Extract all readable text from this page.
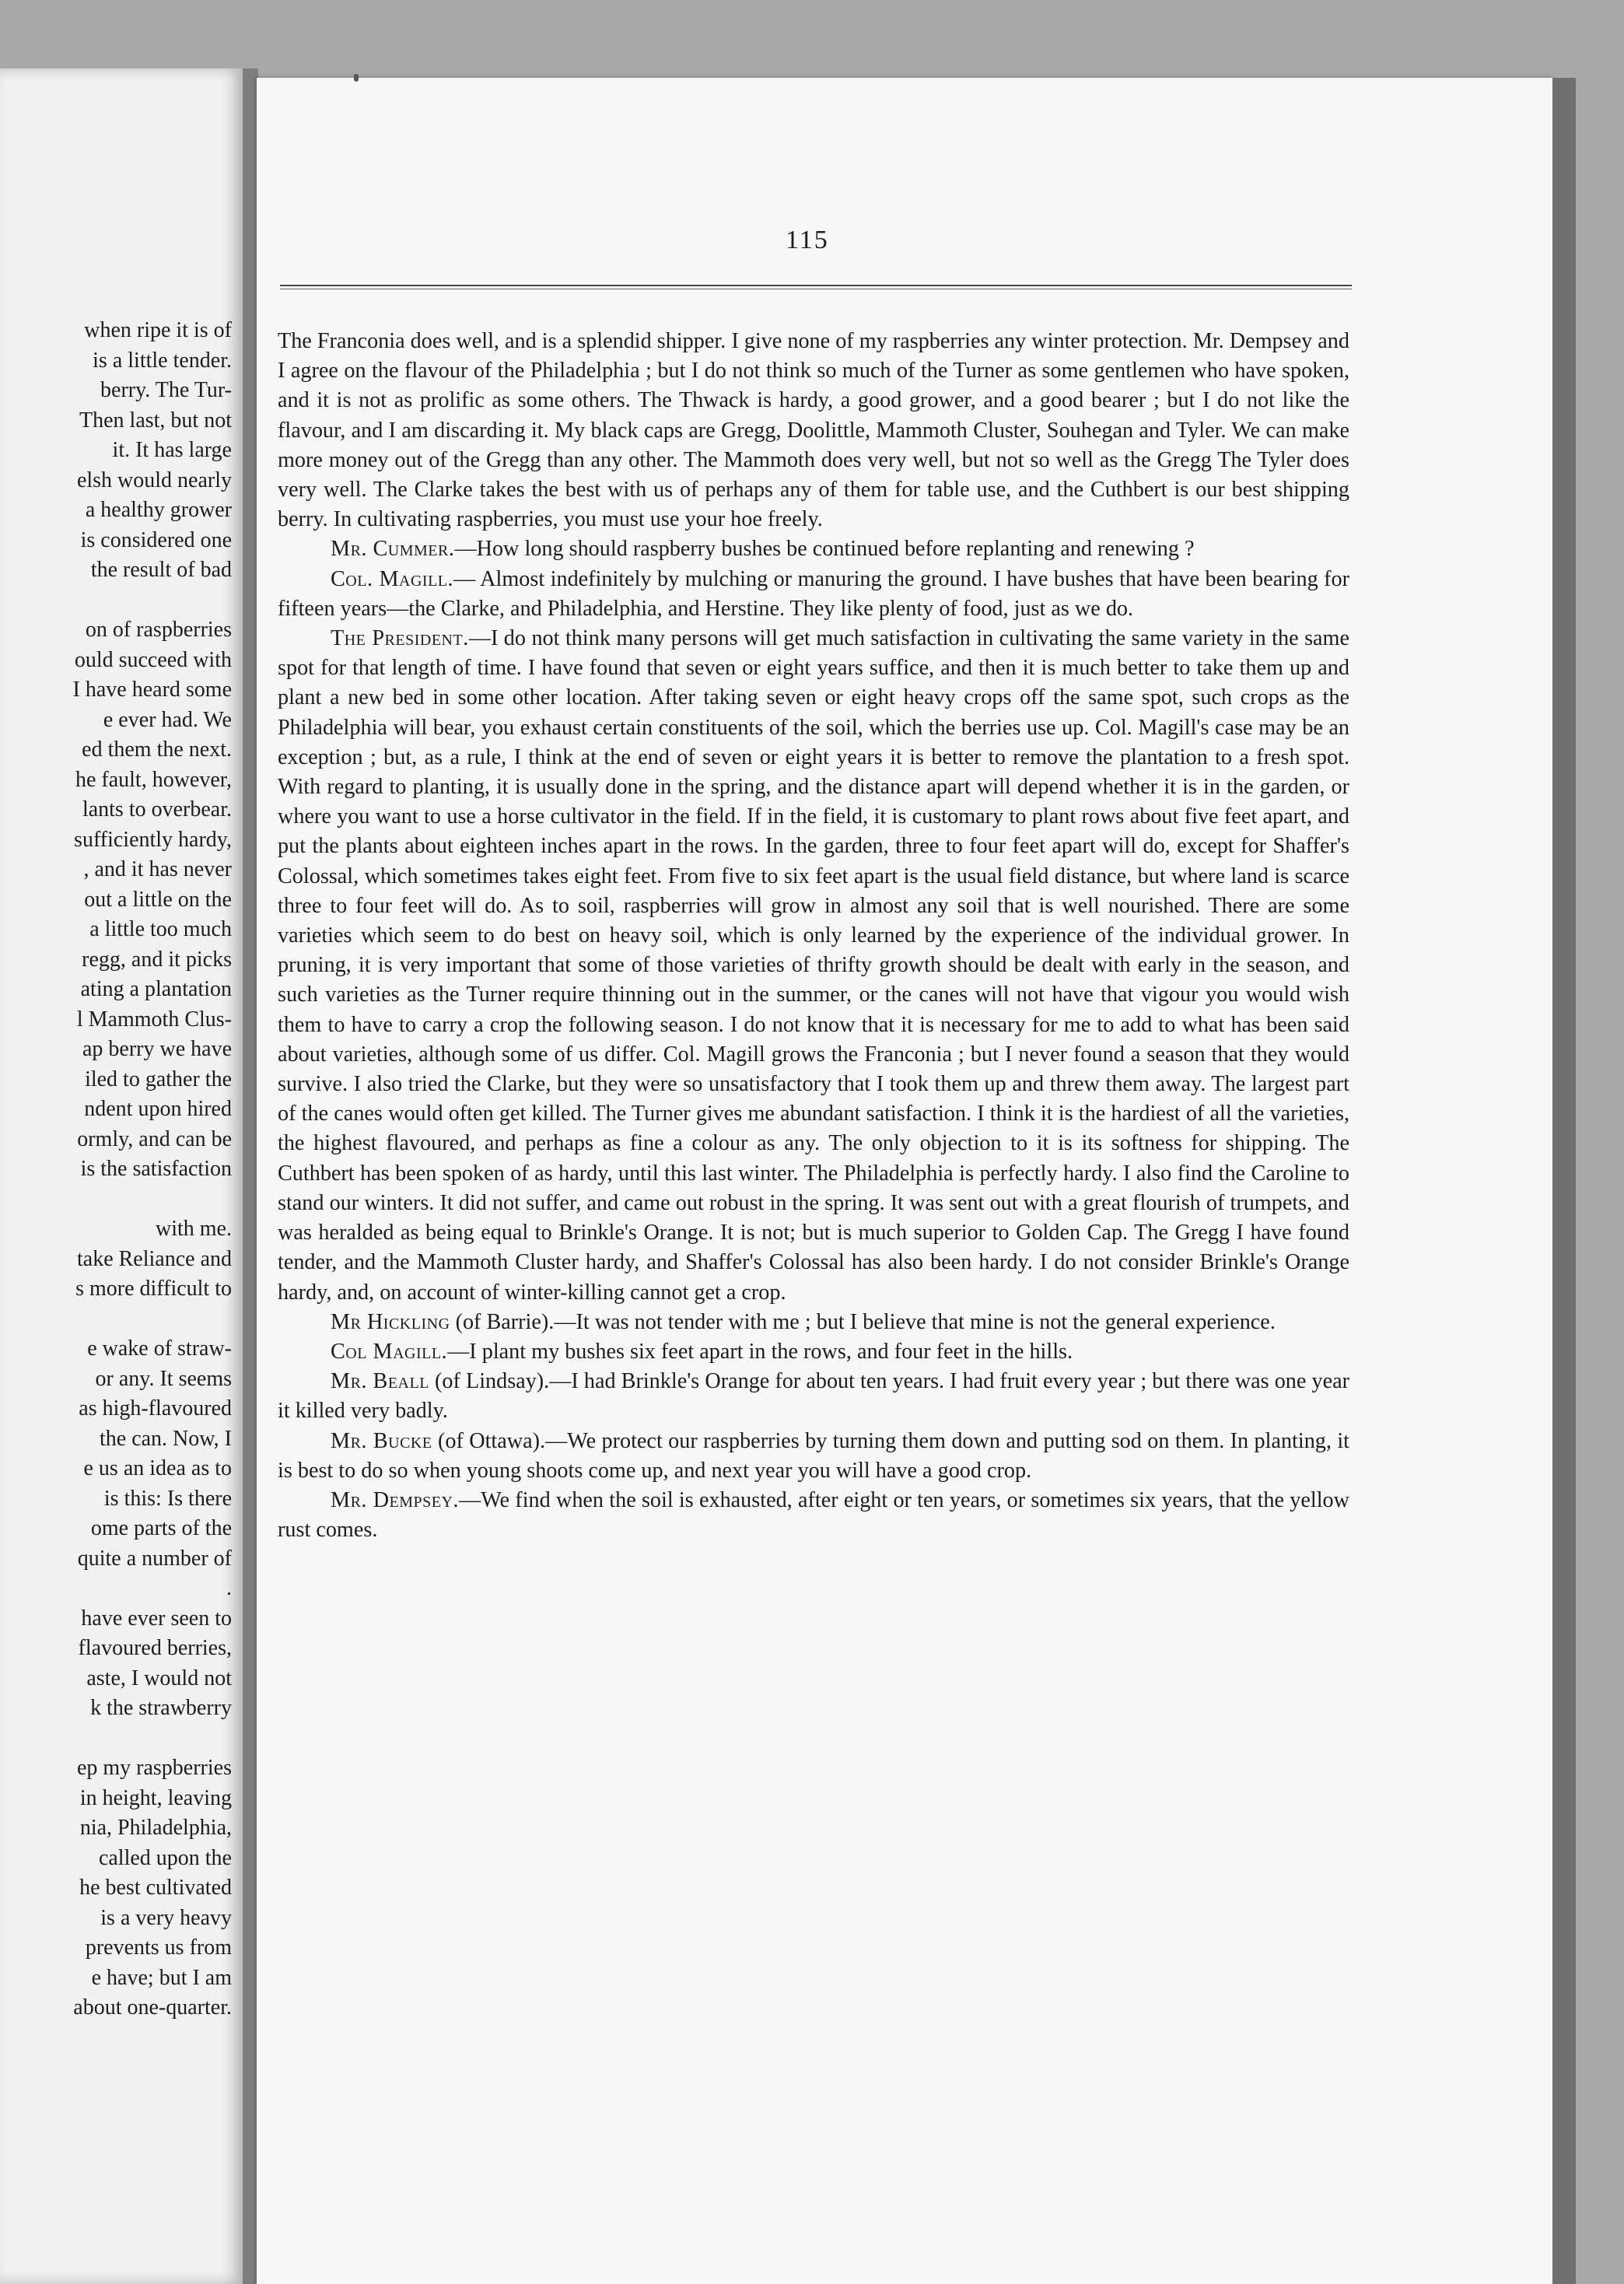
when ripe it is of
is a little tender.
berry. The Tur-
Then last, but not
it. It has large
elsh would nearly
a healthy grower
is considered one
the result of bad
on of raspberries
ould succeed with
I have heard some
e ever had. We
ed them the next.
he fault, however,
lants to overbear.
sufficiently hardy,
, and it has never
out a little on the
a little too much
regg, and it picks
ating a plantation
l Mammoth Clus-
ap berry we have
iled to gather the
ndent upon hired
ormly, and can be
is the satisfaction
with me.
take Reliance and
s more difficult to
e wake of straw-
or any. It seems
as high-flavoured
the can. Now, I
e us an idea as to
is this: Is there
ome parts of the
quite a number of
.
have ever seen to
flavoured berries,
aste, I would not
k the strawberry
ep my raspberries
in height, leaving
nia, Philadelphia,
called upon the
he best cultivated
is a very heavy
prevents us from
e have; but I am
about one-quarter.
115

The Franconia does well, and is a splendid shipper. I give none of my raspberries any winter protection. Mr. Dempsey and I agree on the flavour of the Philadelphia ; but I do not think so much of the Turner as some gentlemen who have spoken, and it is not as prolific as some others. The Thwack is hardy, a good grower, and a good bearer ; but I do not like the flavour, and I am discarding it. My black caps are Gregg, Doolittle, Mammoth Cluster, Souhegan and Tyler. We can make more money out of the Gregg than any other. The Mammoth does very well, but not so well as the Gregg The Tyler does very well. The Clarke takes the best with us of perhaps any of them for table use, and the Cuthbert is our best shipping berry. In cultivating raspberries, you must use your hoe freely.

Mr. Cummer.—How long should raspberry bushes be continued before replanting and renewing ?

Col. Magill.— Almost indefinitely by mulching or manuring the ground. I have bushes that have been bearing for fifteen years—the Clarke, and Philadelphia, and Herstine. They like plenty of food, just as we do.

The President.—I do not think many persons will get much satisfaction in cultivating the same variety in the same spot for that length of time. I have found that seven or eight years suffice, and then it is much better to take them up and plant a new bed in some other location. After taking seven or eight heavy crops off the same spot, such crops as the Philadelphia will bear, you exhaust certain constituents of the soil, which the berries use up. Col. Magill's case may be an exception ; but, as a rule, I think at the end of seven or eight years it is better to remove the plantation to a fresh spot. With regard to planting, it is usually done in the spring, and the distance apart will depend whether it is in the garden, or where you want to use a horse cultivator in the field. If in the field, it is customary to plant rows about five feet apart, and put the plants about eighteen inches apart in the rows. In the garden, three to four feet apart will do, except for Shaffer's Colossal, which sometimes takes eight feet. From five to six feet apart is the usual field distance, but where land is scarce three to four feet will do. As to soil, raspberries will grow in almost any soil that is well nourished. There are some varieties which seem to do best on heavy soil, which is only learned by the experience of the individual grower. In pruning, it is very important that some of those varieties of thrifty growth should be dealt with early in the season, and such varieties as the Turner require thinning out in the summer, or the canes will not have that vigour you would wish them to have to carry a crop the following season. I do not know that it is necessary for me to add to what has been said about varieties, although some of us differ. Col. Magill grows the Franconia ; but I never found a season that they would survive. I also tried the Clarke, but they were so unsatisfactory that I took them up and threw them away. The largest part of the canes would often get killed. The Turner gives me abundant satisfaction. I think it is the hardiest of all the varieties, the highest flavoured, and perhaps as fine a colour as any. The only objection to it is its softness for shipping. The Cuthbert has been spoken of as hardy, until this last winter. The Philadelphia is perfectly hardy. I also find the Caroline to stand our winters. It did not suffer, and came out robust in the spring. It was sent out with a great flourish of trumpets, and was heralded as being equal to Brinkle's Orange. It is not; but is much superior to Golden Cap. The Gregg I have found tender, and the Mammoth Cluster hardy, and Shaffer's Colossal has also been hardy. I do not consider Brinkle's Orange hardy, and, on account of winter-killing cannot get a crop.

Mr Hickling (of Barrie).—It was not tender with me ; but I believe that mine is not the general experience.

Col Magill.—I plant my bushes six feet apart in the rows, and four feet in the hills.

Mr. Beall (of Lindsay).—I had Brinkle's Orange for about ten years. I had fruit every year ; but there was one year it killed very badly.

Mr. Bucke (of Ottawa).—We protect our raspberries by turning them down and putting sod on them. In planting, it is best to do so when young shoots come up, and next year you will have a good crop.

Mr. Dempsey.—We find when the soil is exhausted, after eight or ten years, or sometimes six years, that the yellow rust comes.
